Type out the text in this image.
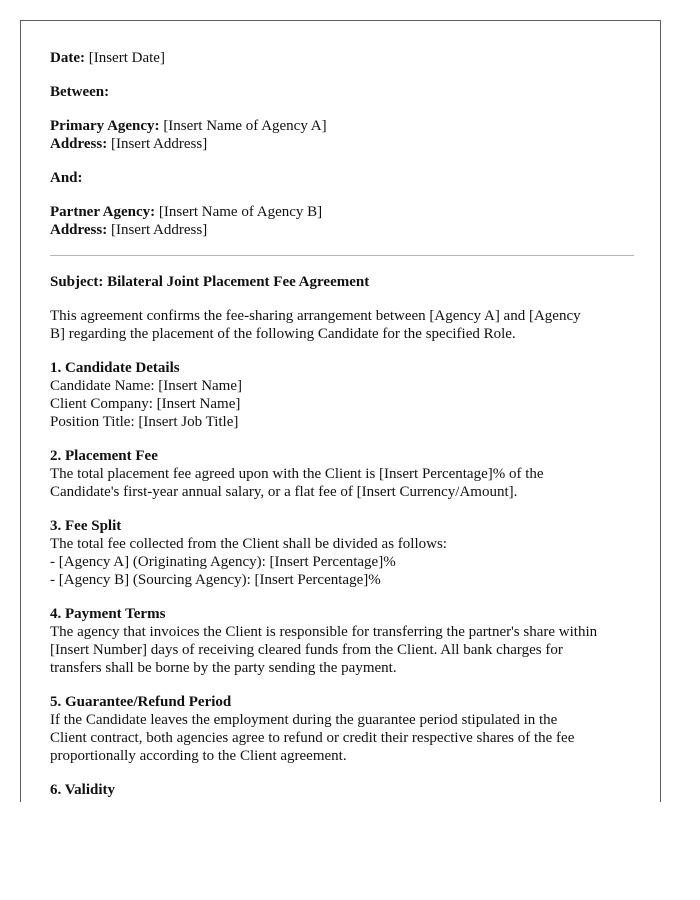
Date: [Insert Date]
Between:
Primary Agency: [Insert Name of Agency A]
Address: [Insert Address]
And:
Partner Agency: [Insert Name of Agency B]
Address: [Insert Address]
Subject: Bilateral Joint Placement Fee Agreement
This agreement confirms the fee-sharing arrangement between [Agency A] and [Agency
B] regarding the placement of the following Candidate for the specified Role.
1. Candidate Details
Candidate Name: [Insert Name]
Client Company: [Insert Name]
Position Title: [Insert Job Title]
2. Placement Fee
The total placement fee agreed upon with the Client is [Insert Percentage]% of the
Candidate's first-year annual salary, or a flat fee of [Insert Currency/Amount].
3. Fee Split
The total fee collected from the Client shall be divided as follows:
- [Agency A] (Originating Agency): [Insert Percentage]%
- [Agency B] (Sourcing Agency): [Insert Percentage]%
4. Payment Terms
The agency that invoices the Client is responsible for transferring the partner's share within
[Insert Number] days of receiving cleared funds from the Client. All bank charges for
transfers shall be borne by the party sending the payment.
5. Guarantee/Refund Period
If the Candidate leaves the employment during the guarantee period stipulated in the
Client contract, both agencies agree to refund or credit their respective shares of the fee
proportionally according to the Client agreement.
6. Validity
